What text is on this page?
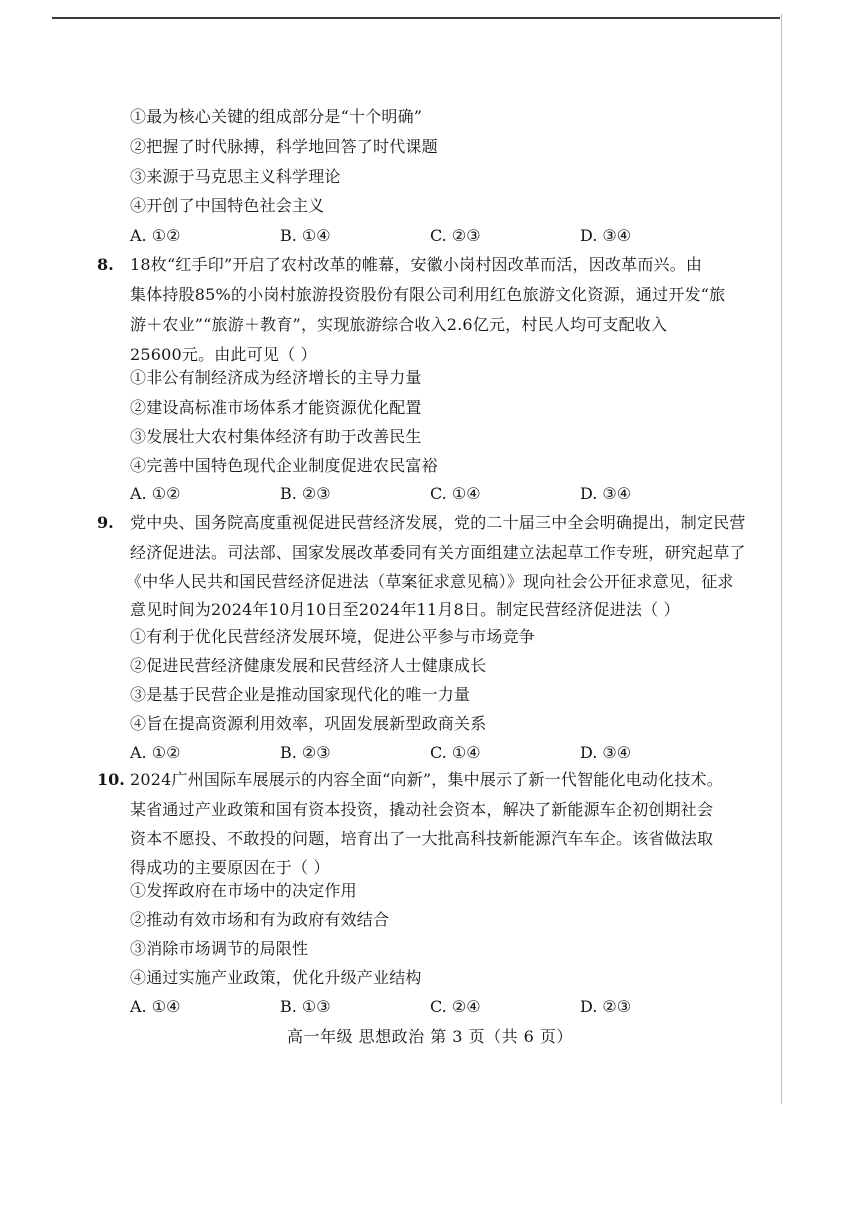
①最为核心关键的组成部分是“十个明确”
②把握了时代脉搏，科学地回答了时代课题
③来源于马克思主义科学理论
④开创了中国特色社会主义
A. ①②	B. ①④	C. ②③	D. ③④
8. 18枚“红手印”开启了农村改革的帷幕，安徽小岗村因改革而活，因改革而兴。由
集体持股85%的小岗村旅游投资股份有限公司利用红色旅游文化资源，通过开发“旅
游＋农业”“旅游＋教育”，实现旅游综合收入2.6亿元，村民人均可支配收入
25600元。由此可见（ ）
①非公有制经济成为经济增长的主导力量
②建设高标准市场体系才能资源优化配置
③发展壮大农村集体经济有助于改善民生
④完善中国特色现代企业制度促进农民富裕
A. ①②	B. ②③	C. ①④	D. ③④
9. 党中央、国务院高度重视促进民营经济发展，党的二十届三中全会明确提出，制定民营
经济促进法。司法部、国家发展改革委同有关方面组建立法起草工作专班，研究起草了
《中华人民共和国民营经济促进法（草案征求意见稿）》现向社会公开征求意见，征求
意见时间为2024年10月10日至2024年11月8日。制定民营经济促进法（ ）
①有利于优化民营经济发展环境，促进公平参与市场竞争
②促进民营经济健康发展和民营经济人士健康成长
③是基于民营企业是推动国家现代化的唯一力量
④旨在提高资源利用效率，巩固发展新型政商关系
A. ①②	B. ②③	C. ①④	D. ③④
10. 2024广州国际车展展示的内容全面“向新”，集中展示了新一代智能化电动化技术。
某省通过产业政策和国有资本投资，撬动社会资本，解决了新能源车企初创期社会
资本不愿投、不敢投的问题，培育出了一大批高科技新能源汽车车企。该省做法取
得成功的主要原因在于（ ）
①发挥政府在市场中的决定作用
②推动有效市场和有为政府有效结合
③消除市场调节的局限性
④通过实施产业政策，优化升级产业结构
A. ①④	B. ①③	C. ②④	D. ②③
高一年级 思想政治 第 3 页（共 6 页）
